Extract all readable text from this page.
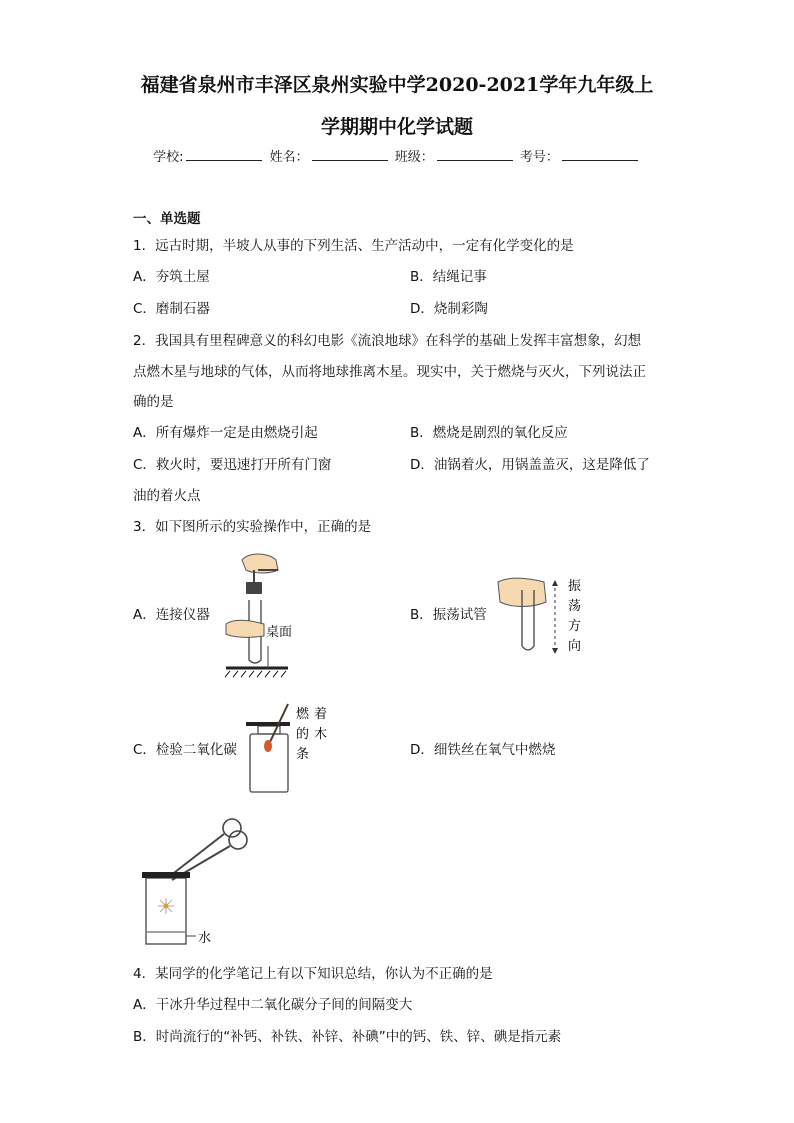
福建省泉州市丰泽区泉州实验中学2020-2021学年九年级上
学期期中化学试题
学校:	姓名：	班级：	考号：
一、单选题
1．远古时期，半坡人从事的下列生活、生产活动中，一定有化学变化的是
A．夯筑土屋	B．结绳记事
C．磨制石器	D．烧制彩陶
2．我国具有里程碑意义的科幻电影《流浪地球》在科学的基础上发挥丰富想象，幻想
点燃木星与地球的气体，从而将地球推离木星。现实中，关于燃烧与灭火，下列说法正
确的是
A．所有爆炸一定是由燃烧引起	B．燃烧是剧烈的氧化反应
C．救火时，要迅速打开所有门窗	D．油锅着火，用锅盖盖灭，这是降低了
油的着火点
3．如下图所示的实验操作中，正确的是
A．连接仪器	B．振荡试管
C．检验二氧化碳	D．细铁丝在氧气中燃烧
桌面
振
荡
方
向
燃 着
的 木
条
水
4．某同学的化学笔记上有以下知识总结，你认为不正确的是
A．干冰升华过程中二氧化碳分子间的间隔变大
B．时尚流行的“补钙、补铁、补锌、补碘”中的钙、铁、锌、碘是指元素
